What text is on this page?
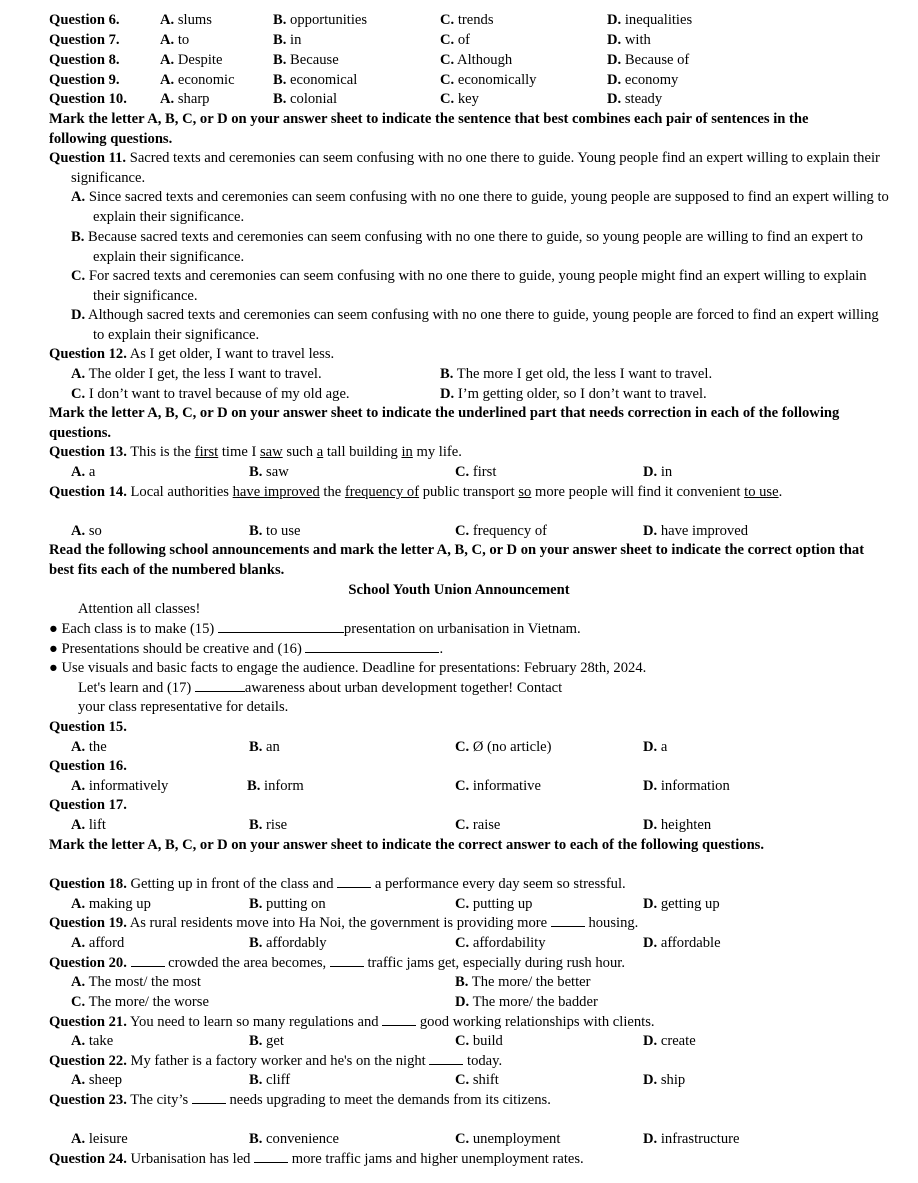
Question 6.	A. slums	B. opportunities	C. trends	D. inequalities
Question 7.	A. to	B. in	C. of	D. with
Question 8.	A. Despite	B. Because	C. Although	D. Because of
Question 9.	A. economic	B. economical	C. economically	D. economy
Question 10. A. sharp	B. colonial	C. key	D. steady
Mark the letter A, B, C, or D on your answer sheet to indicate the sentence that best combines each pair of sentences in the following questions.
Question 11. Sacred texts and ceremonies can seem confusing with no one there to guide. Young people find an expert willing to explain their significance.
A. Since sacred texts and ceremonies can seem confusing with no one there to guide, young people are supposed to find an expert willing to explain their significance.
B. Because sacred texts and ceremonies can seem confusing with no one there to guide, so young people are willing to find an expert to explain their significance.
C. For sacred texts and ceremonies can seem confusing with no one there to guide, young people might find an expert willing to explain their significance.
D. Although sacred texts and ceremonies can seem confusing with no one there to guide, young people are forced to find an expert willing to explain their significance.
Question 12. As I get older, I want to travel less.
A. The older I get, the less I want to travel.	B. The more I get old, the less I want to travel.
C. I don’t want to travel because of my old age.	D. I’m getting older, so I don’t want to travel.
Mark the letter A, B, C, or D on your answer sheet to indicate the underlined part that needs correction in each of the following questions.
Question 13. This is the first time I saw such a tall building in my life.
A. a	B. saw	C. first	D. in
Question 14. Local authorities have improved the frequency of public transport so more people will find it convenient to use.
A. so	B. to use	C. frequency of	D. have improved
Read the following school announcements and mark the letter A, B, C, or D on your answer sheet to indicate the correct option that best fits each of the numbered blanks.
School Youth Union Announcement
Attention all classes!
● Each class is to make (15)	presentation on urbanisation in Vietnam.
● Presentations should be creative and (16)	.
● Use visuals and basic facts to engage the audience. Deadline for presentations: February 28th, 2024.
Let's learn and (17)	awareness about urban development together! Contact
your class representative for details.
Question 15.
A. the	B. an	C. Ø (no article)	D. a
Question 16.
A. informatively	B. inform	C. informative	D. information
Question 17.
A. lift	B. rise	C. raise	D. heighten
Mark the letter A, B, C, or D on your answer sheet to indicate the correct answer to each of the following questions.
Question 18. Getting up in front of the class and  a performance every day seem so stressful.
A. making up	B. putting on	C. putting up	D. getting up
Question 19. As rural residents move into Ha Noi, the government is providing more  housing.
A. afford	B. affordably	C. affordability	D. affordable
Question 20.	crowded the area becomes,  traffic jams get, especially during rush hour.
A. The most/ the most	B. The more/ the better
C. The more/ the worse	D. The more/ the badder
Question 21. You need to learn so many regulations and  good working relationships with clients.
A. take	B. get	C. build	D. create
Question 22. My father is a factory worker and he's on the night  today.
A. sheep	B. cliff	C. shift	D. ship
Question 23. The city’s  needs upgrading to meet the demands from its citizens.
A. leisure	B. convenience	C. unemployment	D. infrastructure
Question 24. Urbanisation has led  more traffic jams and higher unemployment rates.
